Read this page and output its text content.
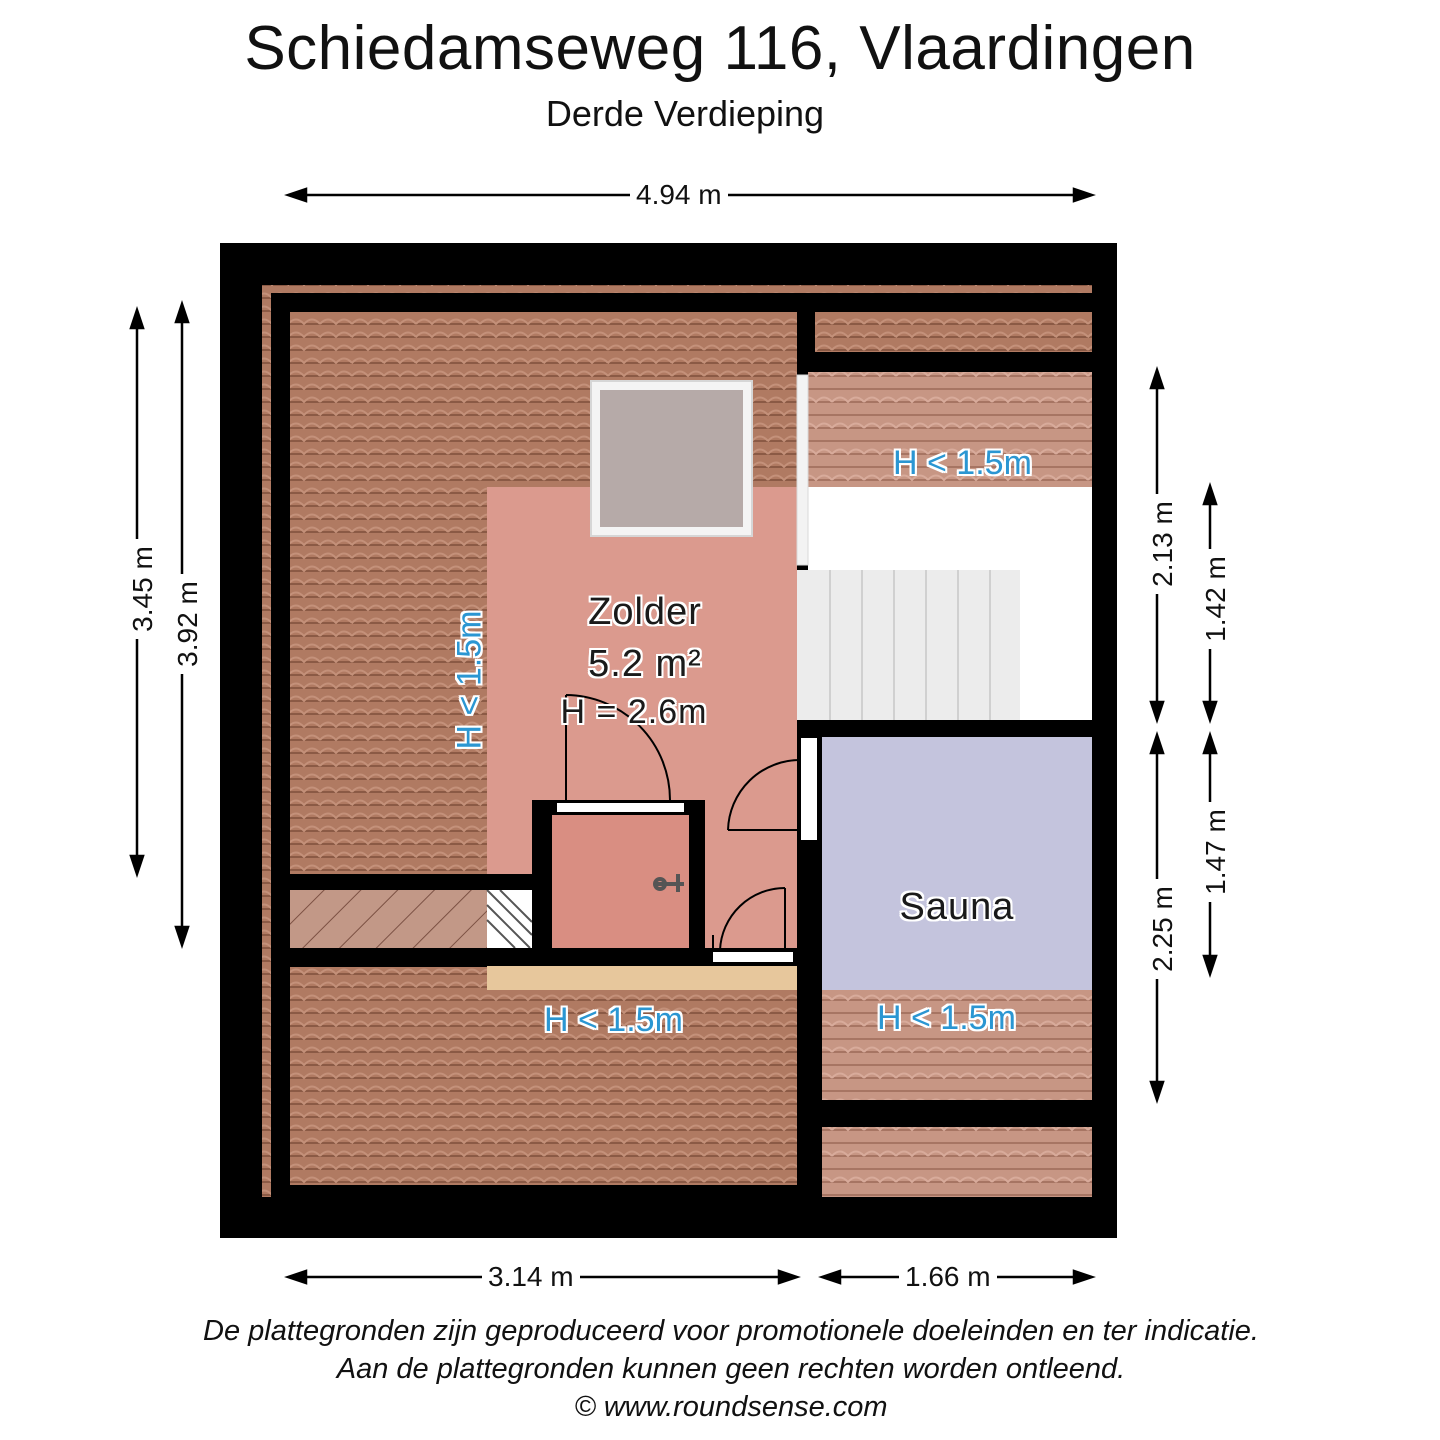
Schiedamseweg 116, Vlaardingen
Derde Verdieping
4.94 m
3.14 m	1.66 m
3.45 m 3.92 m
2.13 m
2.25 m
1.42 m
1.47 m
H < 1.5m
H < 1.5m
H < 1.5m	H < 1.5m
Zolder
5.2 m²
H = 2.6m
Sauna
De plattegronden zijn geproduceerd voor promotionele doeleinden en ter indicatie.
Aan de plattegronden kunnen geen rechten worden ontleend.
© www.roundsense.com
